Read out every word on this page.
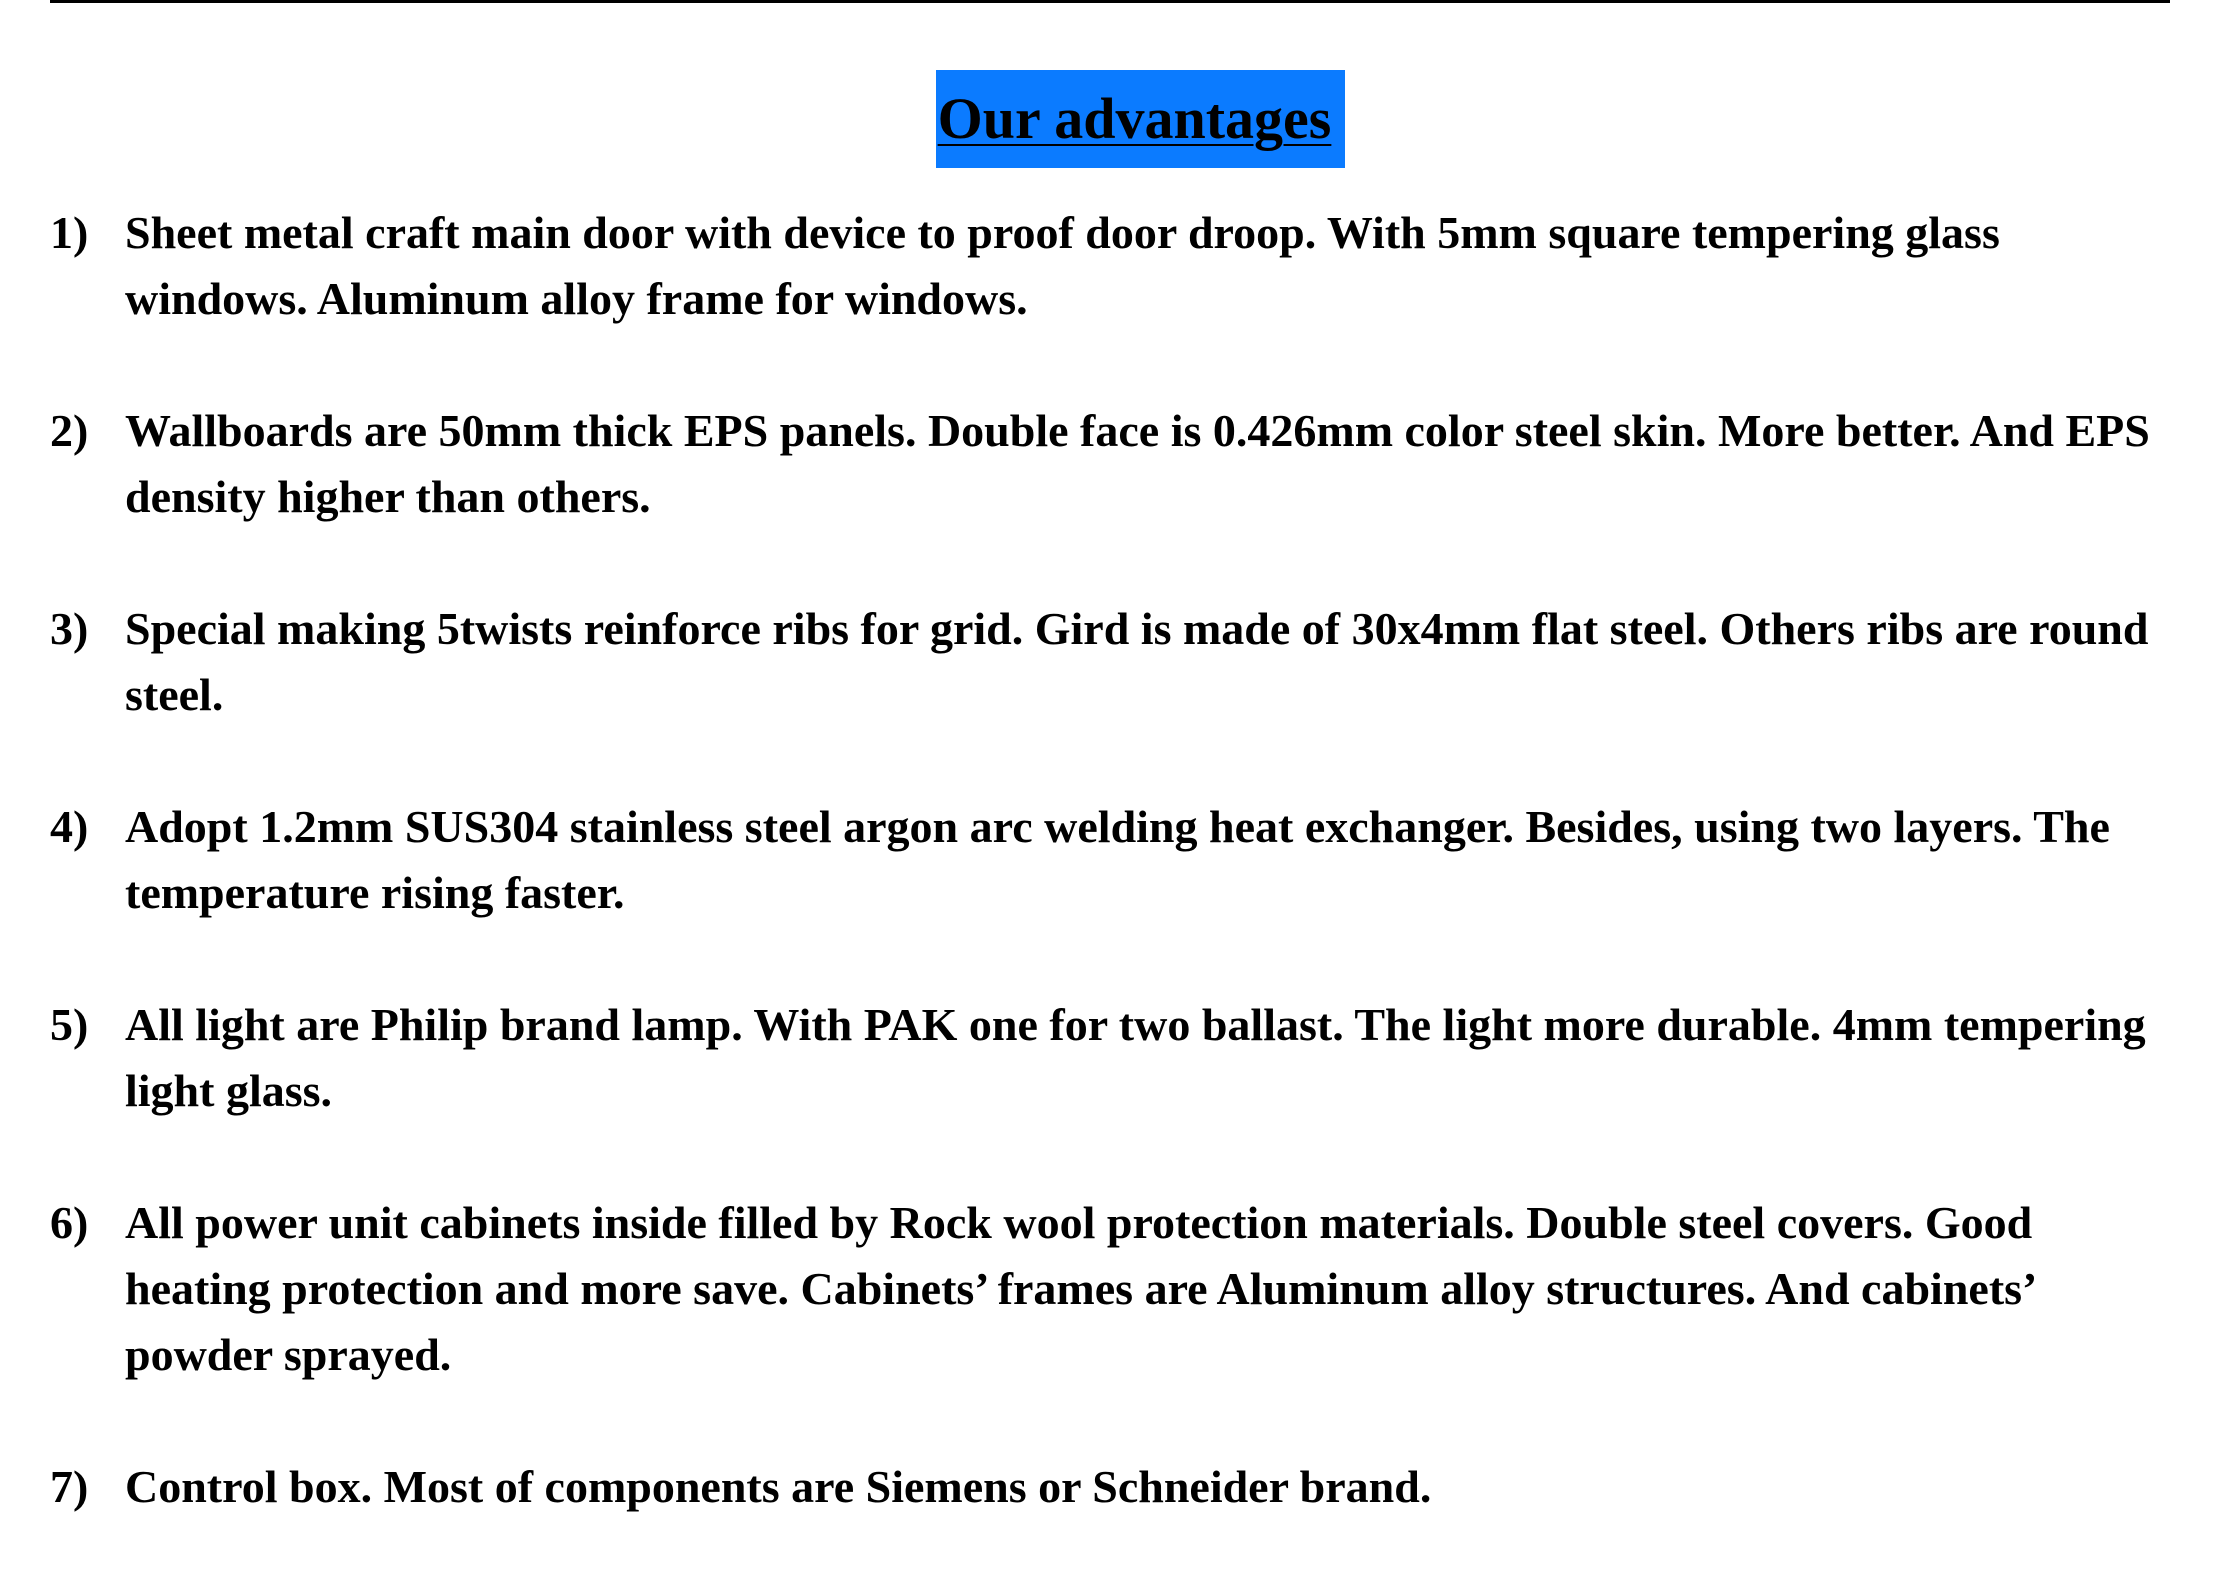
Our advantages
1) Sheet metal craft main door with device to proof door droop. With 5mm square tempering glass windows. Aluminum alloy frame for windows.
2) Wallboards are 50mm thick EPS panels. Double face is 0.426mm color steel skin. More better. And EPS density higher than others.
3) Special making 5twists reinforce ribs for grid. Gird is made of 30x4mm flat steel. Others ribs are round steel.
4) Adopt 1.2mm SUS304 stainless steel argon arc welding heat exchanger. Besides, using two layers. The temperature rising faster.
5) All light are Philip brand lamp. With PAK one for two ballast. The light more durable. 4mm tempering light glass.
6) All power unit cabinets inside filled by Rock wool protection materials. Double steel covers. Good heating protection and more save. Cabinets’ frames are Aluminum alloy structures. And cabinets’ powder sprayed.
7) Control box. Most of components are Siemens or Schneider brand.
